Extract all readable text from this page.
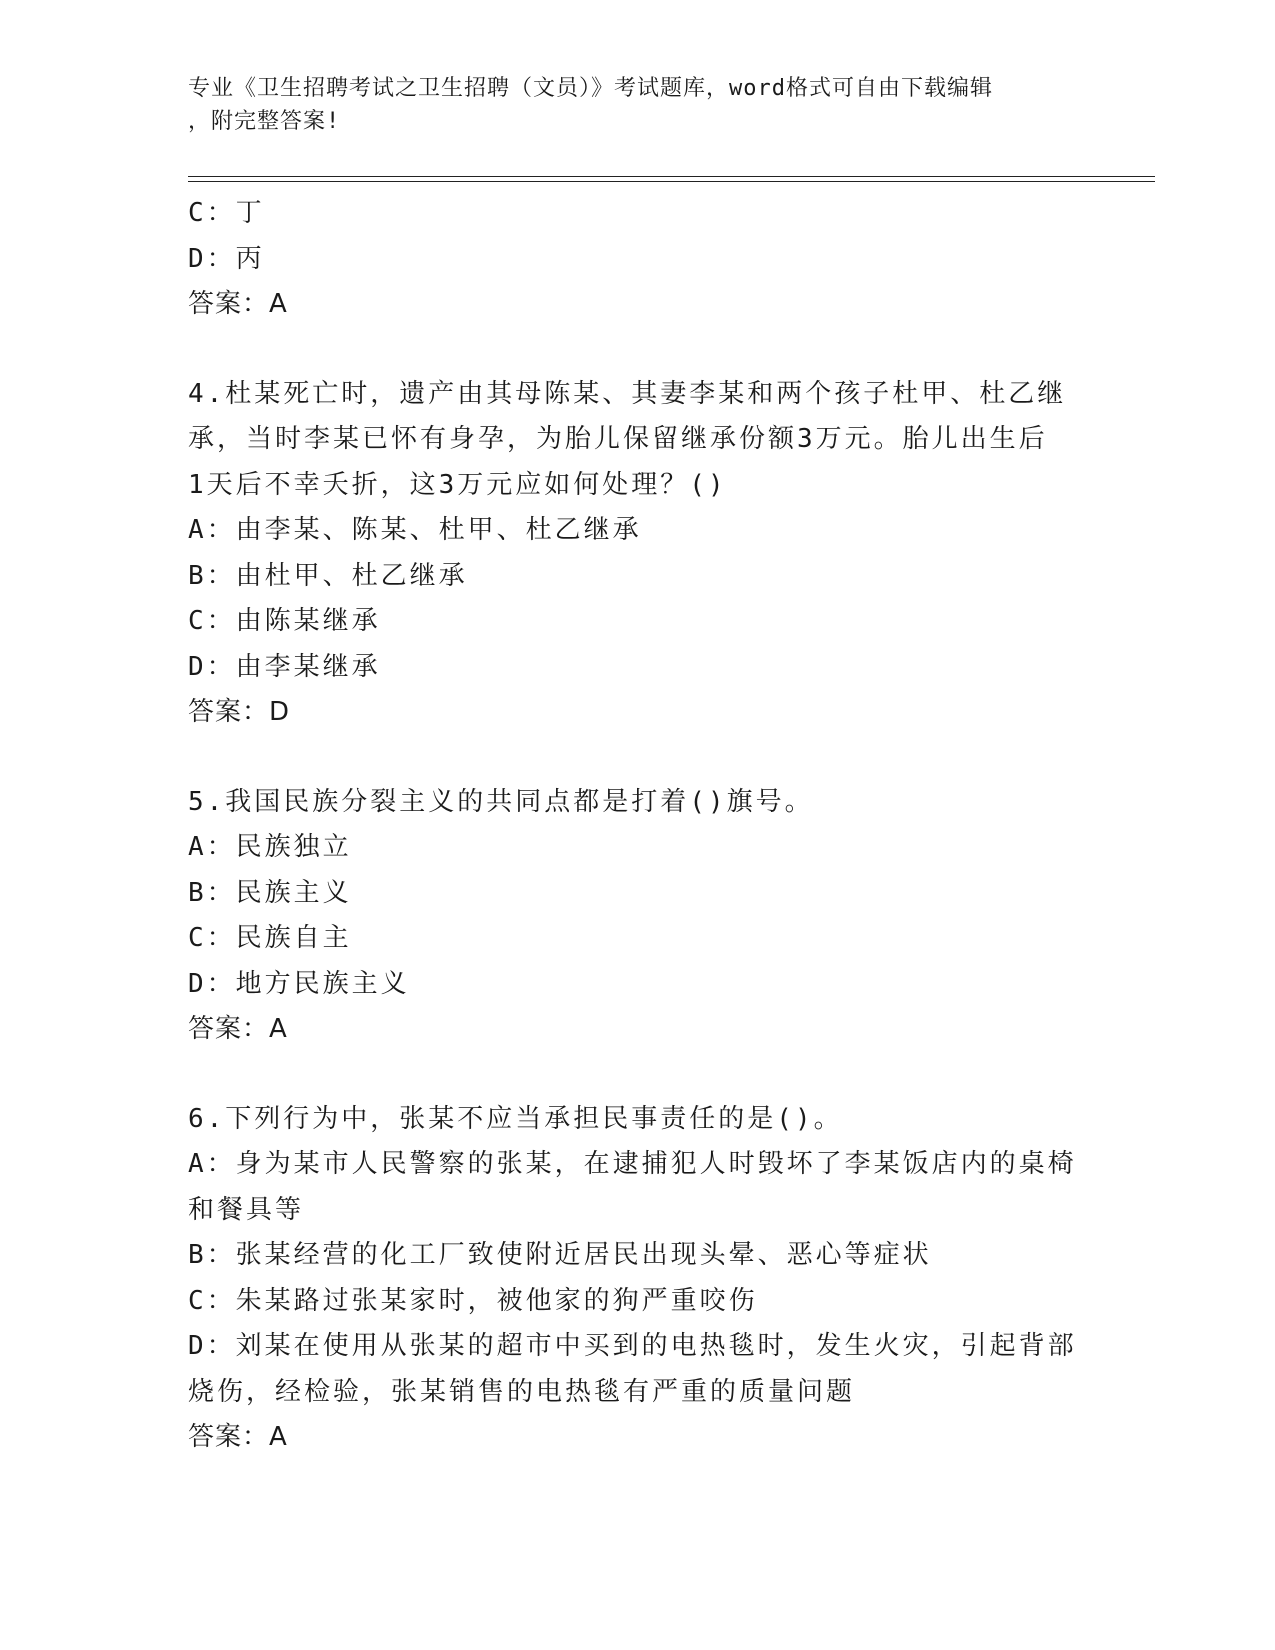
专业《卫生招聘考试之卫生招聘（文员）》考试题库，word格式可自由下载编辑
，附完整答案!
C：丁
D：丙
答案：A
4.杜某死亡时，遗产由其母陈某、其妻李某和两个孩子杜甲、杜乙继
承，当时李某已怀有身孕，为胎儿保留继承份额3万元。胎儿出生后
1天后不幸夭折，这3万元应如何处理？()
A：由李某、陈某、杜甲、杜乙继承
B：由杜甲、杜乙继承
C：由陈某继承
D：由李某继承
答案：D
5.我国民族分裂主义的共同点都是打着()旗号。
A：民族独立
B：民族主义
C：民族自主
D：地方民族主义
答案：A
6.下列行为中，张某不应当承担民事责任的是()。
A：身为某市人民警察的张某，在逮捕犯人时毁坏了李某饭店内的桌椅
和餐具等
B：张某经营的化工厂致使附近居民出现头晕、恶心等症状
C：朱某路过张某家时，被他家的狗严重咬伤
D：刘某在使用从张某的超市中买到的电热毯时，发生火灾，引起背部
烧伤，经检验，张某销售的电热毯有严重的质量问题
答案：A
